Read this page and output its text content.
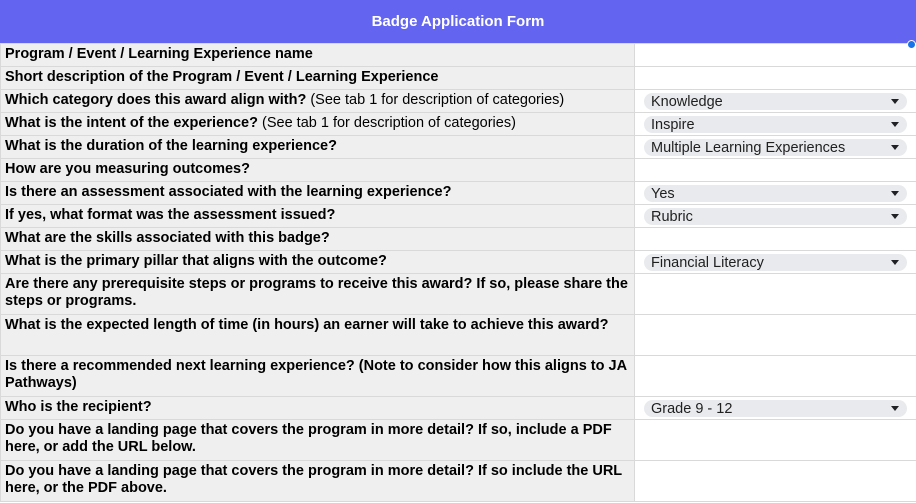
Badge Application Form
Program / Event / Learning Experience name	
Short description of the Program / Event / Learning Experience	
Which category does this award align with? (See tab 1 for description of categories)	Knowledge

What is the intent of the experience? (See tab 1 for description of categories)	Inspire

What is the duration of the learning experience?	Multiple Learning Experiences

How are you measuring outcomes?	
Is there an assessment associated with the learning experience?	Yes

If yes, what format was the assessment issued?	Rubric

What are the skills associated with this badge?	
What is the primary pillar that aligns with the outcome?	Financial Literacy

Are there any prerequisite steps or programs to receive this award? If so, please share the steps or programs.	
What is the expected length of time (in hours) an earner will take to achieve this award?	
Is there a recommended next learning experience? (Note to consider how this aligns to JA Pathways)	
Who is the recipient?	Grade 9 - 12

Do you have a landing page that covers the program in more detail? If so, include a PDF here, or add the URL below.	
Do you have a landing page that covers the program in more detail? If so include the URL here, or the PDF above.	
